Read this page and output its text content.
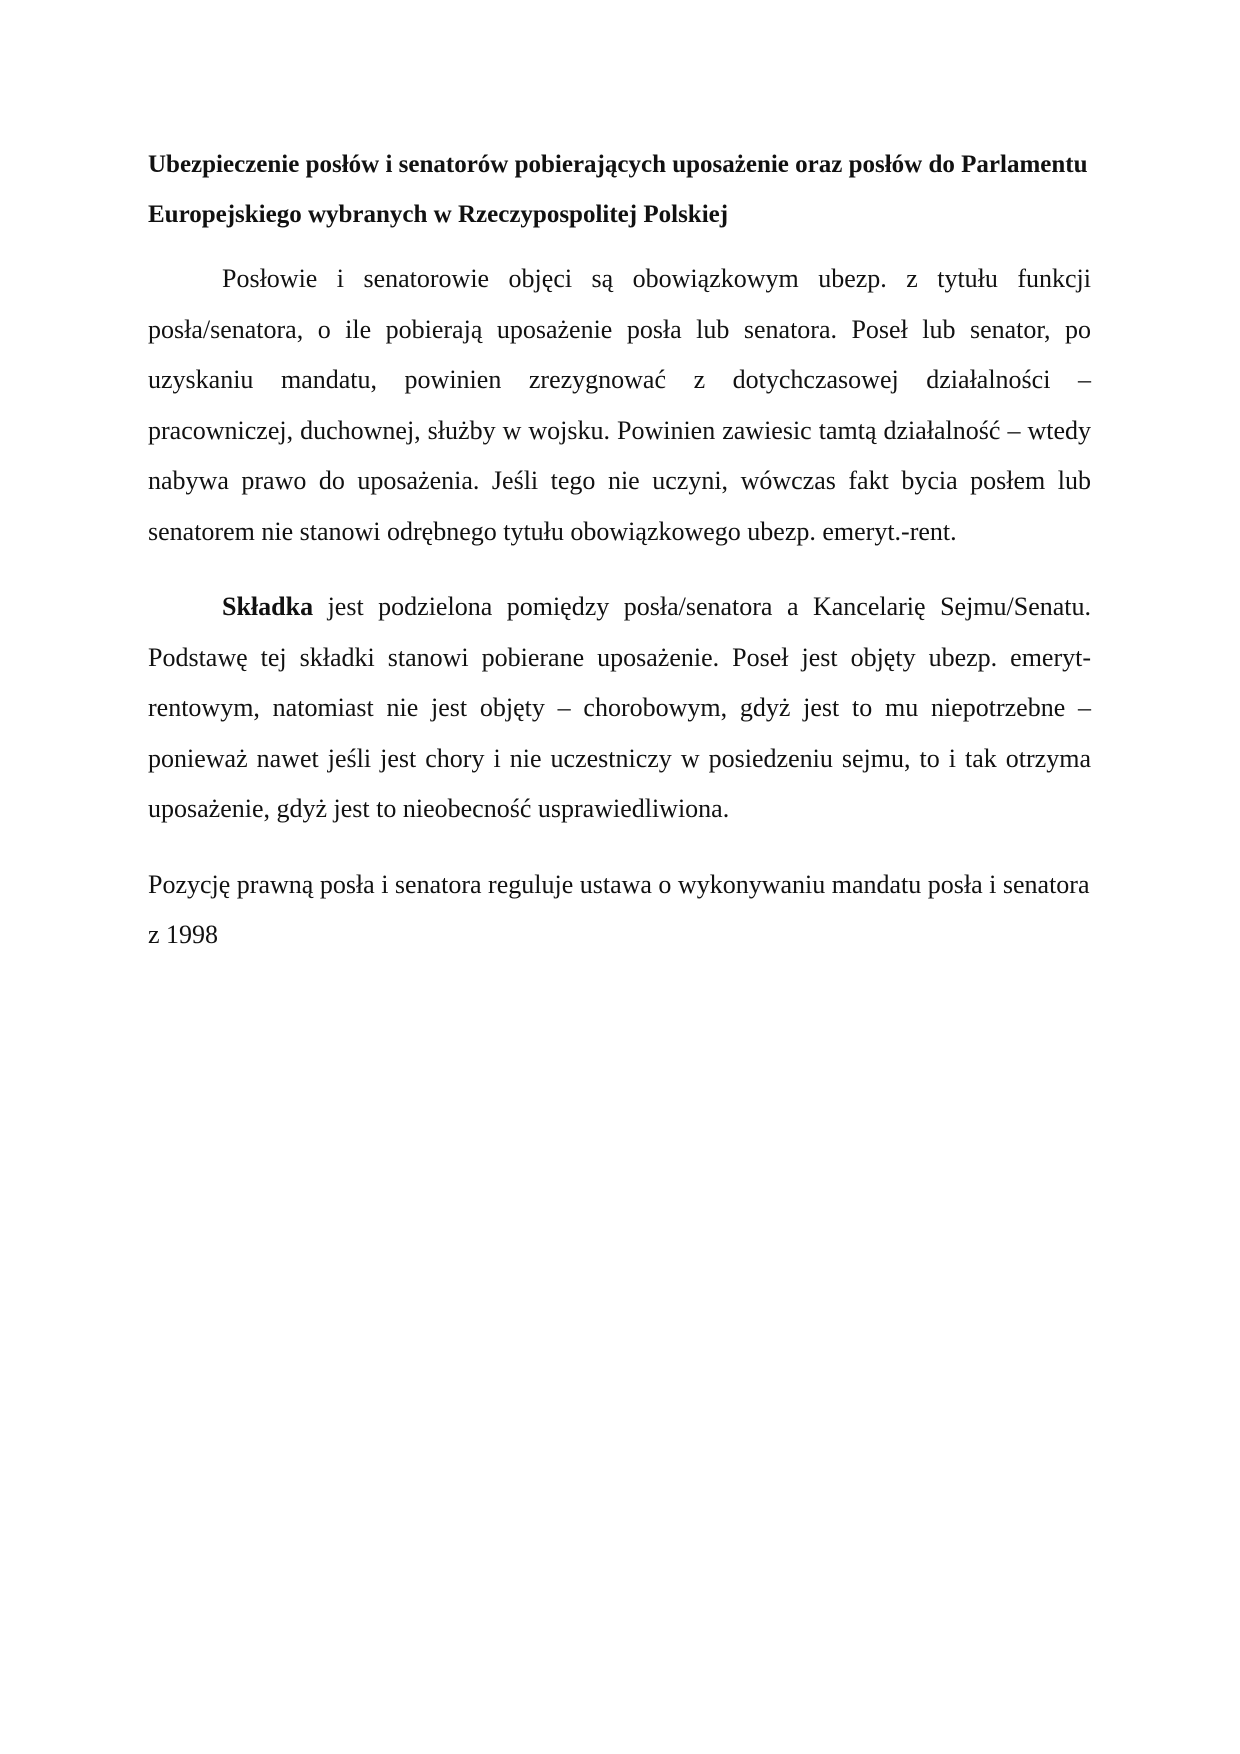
Ubezpieczenie posłów i senatorów pobierających uposażenie oraz posłów do Parlamentu Europejskiego wybranych w Rzeczypospolitej Polskiej

Posłowie i senatorowie objęci są obowiązkowym ubezp. z tytułu funkcji posła/senatora, o ile pobierają uposażenie posła lub senatora. Poseł lub senator, po uzyskaniu mandatu, powinien zrezygnować z dotychczasowej działalności – pracowniczej, duchownej, służby w wojsku. Powinien zawiesic tamtą działalność – wtedy nabywa prawo do uposażenia. Jeśli tego nie uczyni, wówczas fakt bycia posłem lub senatorem nie stanowi odrębnego tytułu obowiązkowego ubezp. emeryt.-rent.

Składka jest podzielona pomiędzy posła/senatora a Kancelarię Sejmu/Senatu. Podstawę tej składki stanowi pobierane uposażenie. Poseł jest objęty ubezp. emeryt-rentowym, natomiast nie jest objęty – chorobowym, gdyż jest to mu niepotrzebne – ponieważ nawet jeśli jest chory i nie uczestniczy w posiedzeniu sejmu, to i tak otrzyma uposażenie, gdyż jest to nieobecność usprawiedliwiona.

Pozycję prawną posła i senatora reguluje ustawa o wykonywaniu mandatu posła i senatora z 1998
